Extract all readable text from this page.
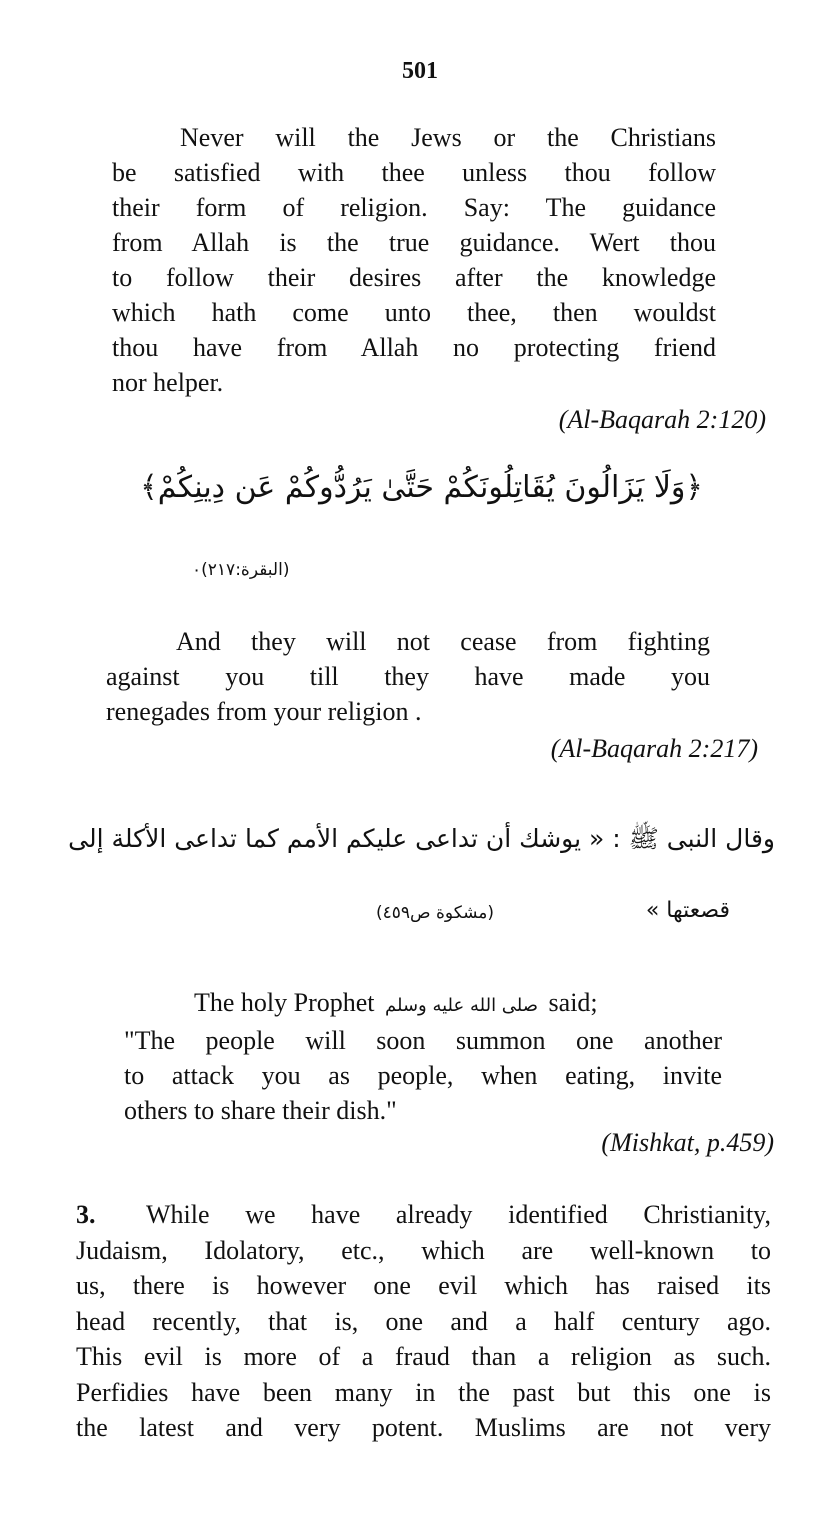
501
Never will the Jews or the Christians
be satisfied with thee unless thou follow
their form of religion. Say: The guidance
from Allah is the true guidance. Wert thou
to follow their desires after the knowledge
which hath come unto thee, then wouldst
thou have from Allah no protecting friend
nor helper.
(Al-Baqarah 2:120)
﴿وَلَا يَزَالُونَ يُقَاتِلُونَكُمْ حَتَّىٰ يَرُدُّوكُمْ عَن دِينِكُمْ﴾
(البقرة:٢١٧)٠
And they will not cease from fighting
against you till they have made you
renegades from your religion .
(Al-Baqarah 2:217)
وقال النبى ﷺ : « يوشك أن تداعى عليكم الأمم كما تداعى الأكلة إلى
قصعتها »
(مشكوة ص٤٥٩)
The holy Prophet صلى الله عليه وسلم said;
"The people will soon summon one another
to attack you as people, when eating, invite
others to share their dish."
(Mishkat, p.459)
3. While we have already identified Christianity,
Judaism, Idolatory, etc., which are well-known to
us, there is however one evil which has raised its
head recently, that is, one and a half century ago.
This evil is more of a fraud than a religion as such.
Perfidies have been many in the past but this one is
the latest and very potent. Muslims are not very
